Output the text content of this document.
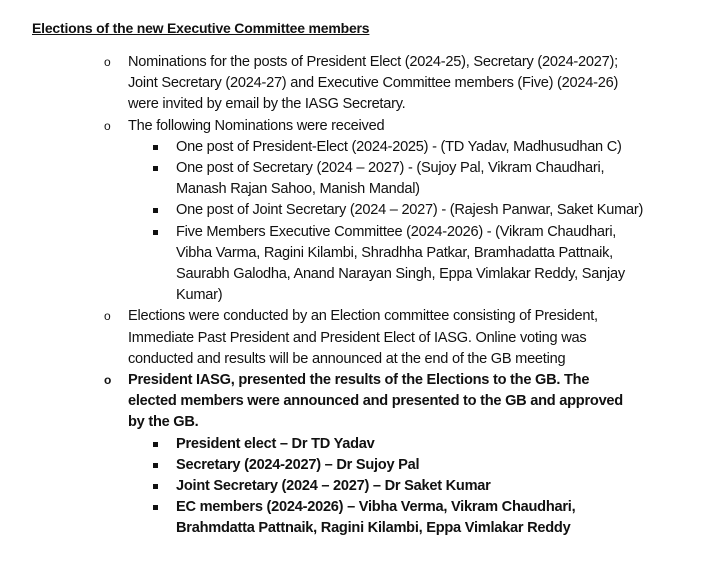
Elections of the new Executive Committee members
o Nominations for the posts of President Elect (2024-25), Secretary (2024-2027); Joint Secretary (2024-27) and Executive Committee members (Five) (2024-26) were invited by email by the IASG Secretary.
o The following Nominations were received
One post of President-Elect (2024-2025) - (TD Yadav, Madhusudhan C)
One post of Secretary (2024 – 2027) - (Sujoy Pal, Vikram Chaudhari, Manash Rajan Sahoo, Manish Mandal)
One post of Joint Secretary (2024 – 2027) - (Rajesh Panwar, Saket Kumar)
Five Members Executive Committee (2024-2026) - (Vikram Chaudhari, Vibha Varma, Ragini Kilambi, Shradhha Patkar, Bramhadatta Pattnaik, Saurabh Galodha, Anand Narayan Singh, Eppa Vimlakar Reddy, Sanjay Kumar)
o Elections were conducted by an Election committee consisting of President, Immediate Past President and President Elect of IASG. Online voting was conducted and results will be announced at the end of the GB meeting
o President IASG, presented the results of the Elections to the GB. The elected members were announced and presented to the GB and approved by the GB.
President elect – Dr TD Yadav
Secretary (2024-2027) – Dr Sujoy Pal
Joint Secretary (2024 – 2027) – Dr Saket Kumar
EC members (2024-2026) – Vibha Verma, Vikram Chaudhari, Brahmdatta Pattnaik, Ragini Kilambi, Eppa Vimlakar Reddy
